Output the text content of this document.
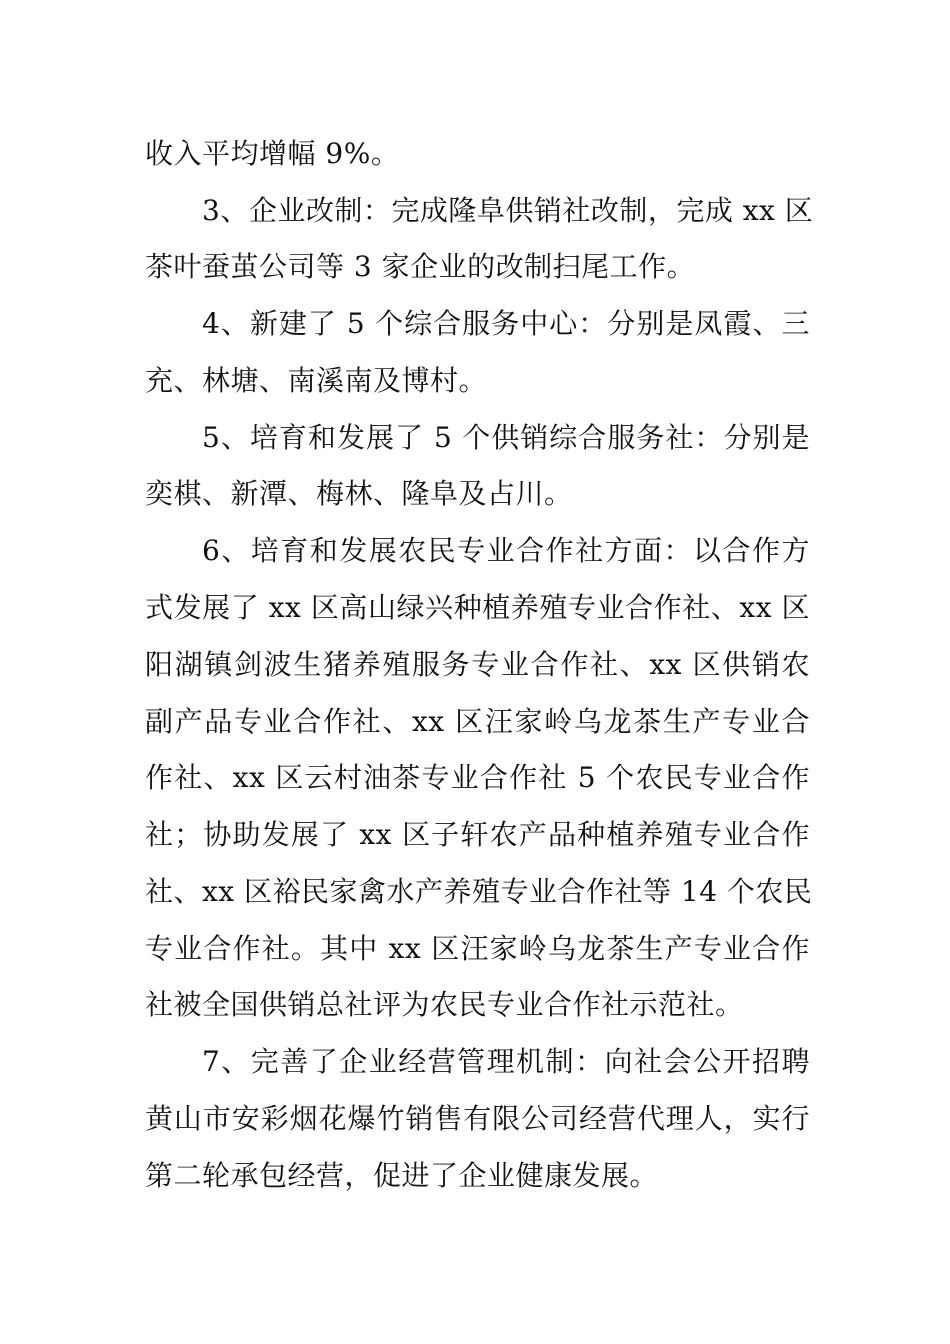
收入平均增幅 9%。
3、企业改制：完成隆阜供销社改制，完成 xx 区
茶叶蚕茧公司等 3 家企业的改制扫尾工作。
4、新建了 5 个综合服务中心：分别是凤霞、三
充、林塘、南溪南及博村。
5、培育和发展了 5 个供销综合服务社：分别是
奕棋、新潭、梅林、隆阜及占川。
6、培育和发展农民专业合作社方面：以合作方
式发展了 xx 区高山绿兴种植养殖专业合作社、xx 区
阳湖镇剑波生猪养殖服务专业合作社、xx 区供销农
副产品专业合作社、xx 区汪家岭乌龙茶生产专业合
作社、xx 区云村油茶专业合作社 5 个农民专业合作
社；协助发展了 xx 区子轩农产品种植养殖专业合作
社、xx 区裕民家禽水产养殖专业合作社等 14 个农民
专业合作社。其中 xx 区汪家岭乌龙茶生产专业合作
社被全国供销总社评为农民专业合作社示范社。
7、完善了企业经营管理机制：向社会公开招聘
黄山市安彩烟花爆竹销售有限公司经营代理人，实行
第二轮承包经营，促进了企业健康发展。
